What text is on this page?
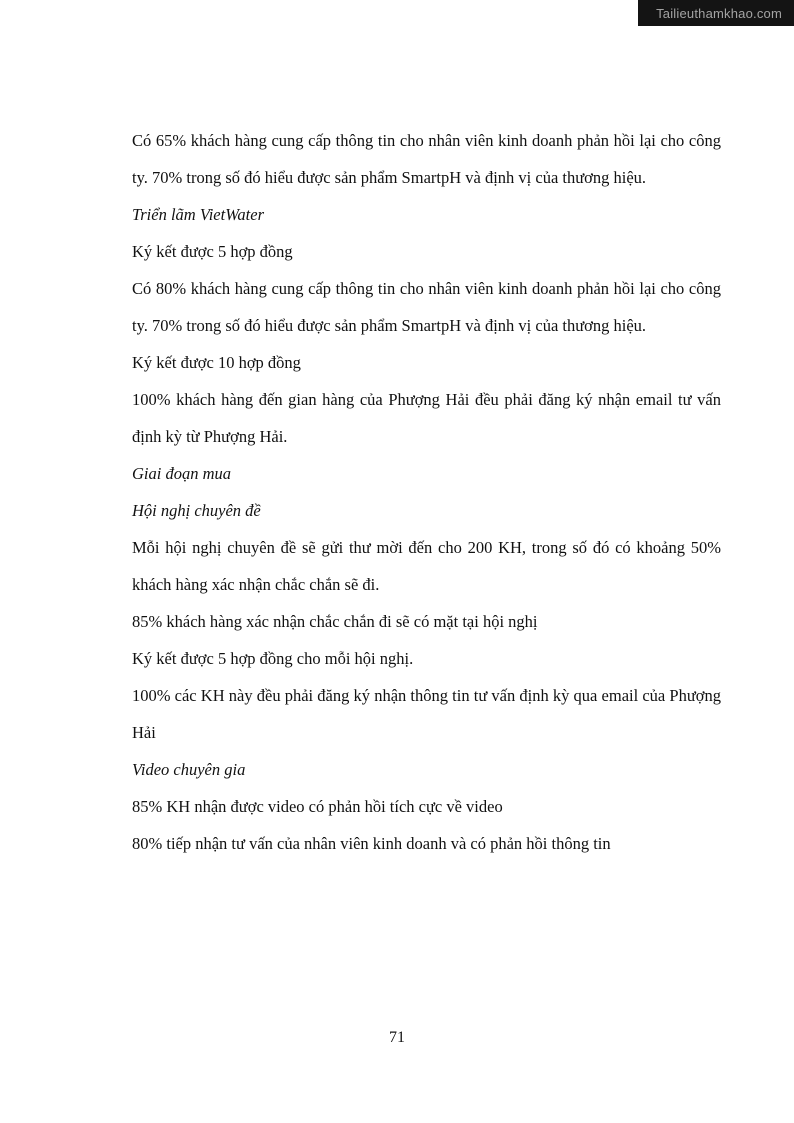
Tailieuthamkhao.com

Có 65% khách hàng cung cấp thông tin cho nhân viên kinh doanh phản hồi lại cho công ty. 70% trong số đó hiểu được sản phẩm SmartpH và định vị của thương hiệu.

Triển lãm VietWater

Ký kết được 5 hợp đồng

Có 80% khách hàng cung cấp thông tin cho nhân viên kinh doanh phản hồi lại cho công ty. 70% trong số đó hiểu được sản phẩm SmartpH và định vị của thương hiệu.

Ký kết được 10 hợp đồng

100% khách hàng đến gian hàng của Phượng Hải đều phải đăng ký nhận email tư vấn định kỳ từ Phượng Hải.

Giai đoạn mua

Hội nghị chuyên đề

Mỗi hội nghị chuyên đề sẽ gửi thư mời đến cho 200 KH, trong số đó có khoảng 50% khách hàng xác nhận chắc chắn sẽ đi.

85% khách hàng xác nhận chắc chắn đi sẽ có mặt tại hội nghị

Ký kết được 5 hợp đồng cho mỗi hội nghị.

100% các KH này đều phải đăng ký nhận thông tin tư vấn định kỳ qua email của Phượng Hải

Video chuyên gia

85% KH nhận được video có phản hồi tích cực về video

80% tiếp nhận tư vấn của nhân viên kinh doanh và có phản hồi thông tin

71
